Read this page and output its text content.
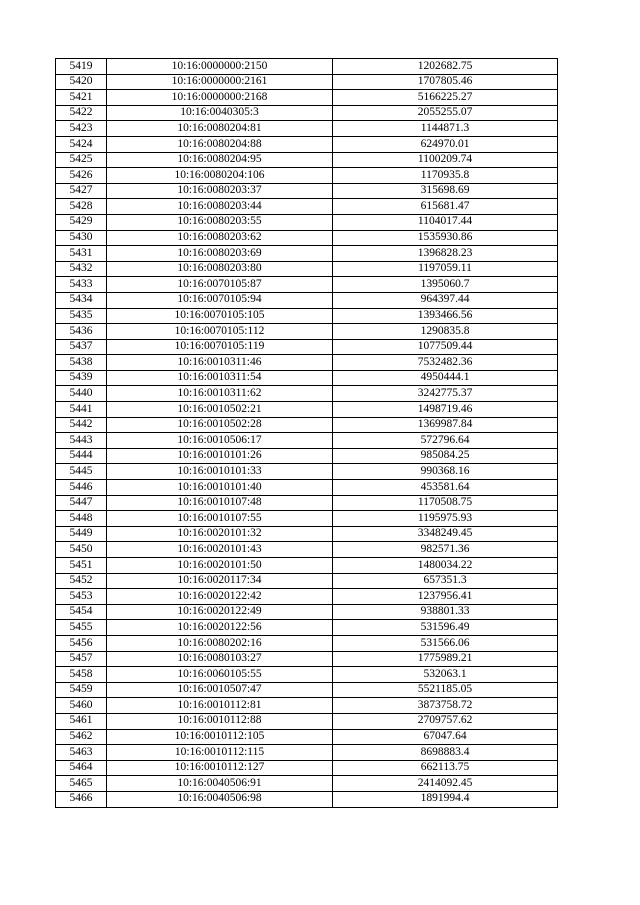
5419	10:16:0000000:2150	1202682.75
5420	10:16:0000000:2161	1707805.46
5421	10:16:0000000:2168	5166225.27
5422	10:16:0040305:3	2055255.07
5423	10:16:0080204:81	1144871.3
5424	10:16:0080204:88	624970.01
5425	10:16:0080204:95	1100209.74
5426	10:16:0080204:106	1170935.8
5427	10:16:0080203:37	315698.69
5428	10:16:0080203:44	615681.47
5429	10:16:0080203:55	1104017.44
5430	10:16:0080203:62	1535930.86
5431	10:16:0080203:69	1396828.23
5432	10:16:0080203:80	1197059.11
5433	10:16:0070105:87	1395060.7
5434	10:16:0070105:94	964397.44
5435	10:16:0070105:105	1393466.56
5436	10:16:0070105:112	1290835.8
5437	10:16:0070105:119	1077509.44
5438	10:16:0010311:46	7532482.36
5439	10:16:0010311:54	4950444.1
5440	10:16:0010311:62	3242775.37
5441	10:16:0010502:21	1498719.46
5442	10:16:0010502:28	1369987.84
5443	10:16:0010506:17	572796.64
5444	10:16:0010101:26	985084.25
5445	10:16:0010101:33	990368.16
5446	10:16:0010101:40	453581.64
5447	10:16:0010107:48	1170508.75
5448	10:16:0010107:55	1195975.93
5449	10:16:0020101:32	3348249.45
5450	10:16:0020101:43	982571.36
5451	10:16:0020101:50	1480034.22
5452	10:16:0020117:34	657351.3
5453	10:16:0020122:42	1237956.41
5454	10:16:0020122:49	938801.33
5455	10:16:0020122:56	531596.49
5456	10:16:0080202:16	531566.06
5457	10:16:0080103:27	1775989.21
5458	10:16:0060105:55	532063.1
5459	10:16:0010507:47	5521185.05
5460	10:16:0010112:81	3873758.72
5461	10:16:0010112:88	2709757.62
5462	10:16:0010112:105	67047.64
5463	10:16:0010112:115	8698883.4
5464	10:16:0010112:127	662113.75
5465	10:16:0040506:91	2414092.45
5466	10:16:0040506:98	1891994.4
